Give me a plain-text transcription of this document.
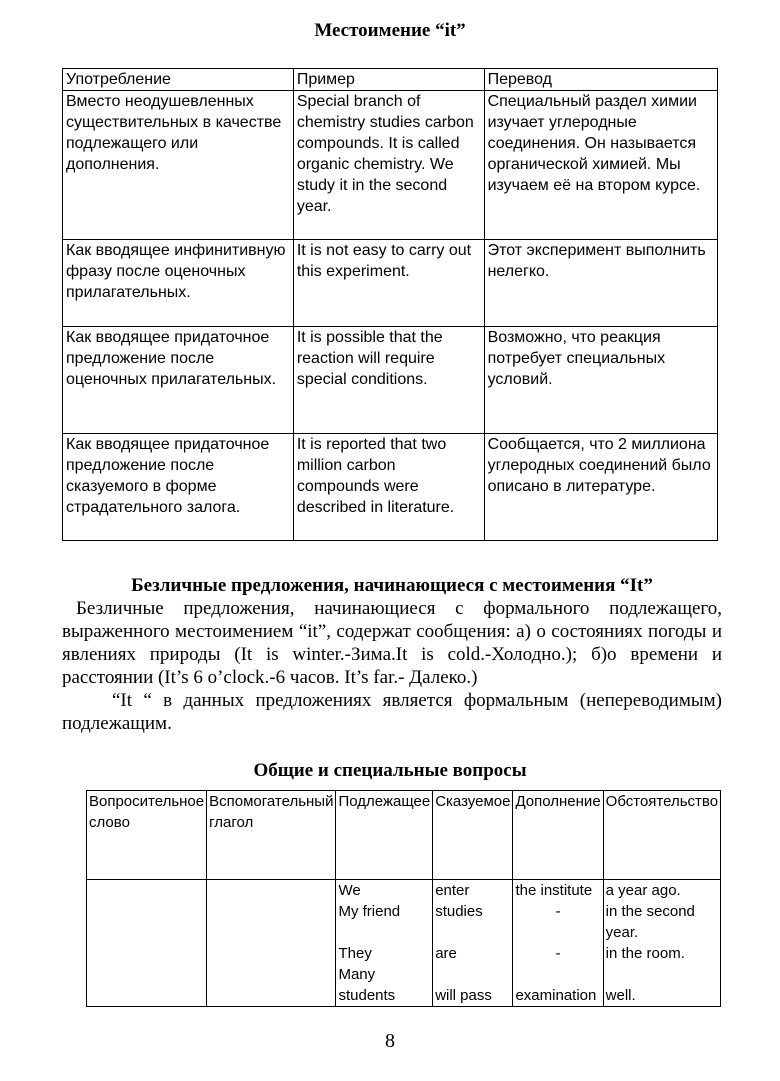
Местоимение “it”
Употребление	Пример	Перевод
Вместо неодушевленных существительных в качестве подлежащего или дополнения.	Special branch of chemistry studies carbon compounds. It is called organic chemistry. We study it in the second year.	Специальный раздел химии изучает углеродные соединения. Он называется органической химией. Мы изучаем её на втором курсе.
Как вводящее инфинитивную фразу после оценочных прилагательных.	It is not easy to carry out this experiment.	Этот эксперимент выполнить нелегко.
Как вводящее придаточное предложение после оценочных прилагательных.	It is possible that the reaction will require special conditions.	Возможно, что реакция потребует специальных условий.
Как вводящее придаточное предложение после сказуемого в форме страдательного залога.	It is reported that two million carbon compounds were described in literature.	Сообщается, что 2 миллиона углеродных соединений было описано в литературе.
Безличные предложения, начинающиеся с местоимения “It”

Безличные предложения, начинающиеся с формального подлежащего, выраженного местоимением “it”, содержат сообщения: а) о состояниях погоды и явлениях природы (It is winter.-Зима.It is cold.-Холодно.); б)о времени и расстоянии (It’s 6 o’clock.-6 часов. It’s far.- Далеко.)

“It “ в данных предложениях является формальным (непереводимым) подлежащим.

Общие и специальные вопросы
Вопросительное слово	Вспомогательный глагол	Подлежащее	Сказуемое	Дополнение	Обстоятельство
		We	enter	the institute	a year ago.
		My friend	studies	-	in the second year.
		They	are	-	in the room.
		Many students	will pass	examination	well.
8
